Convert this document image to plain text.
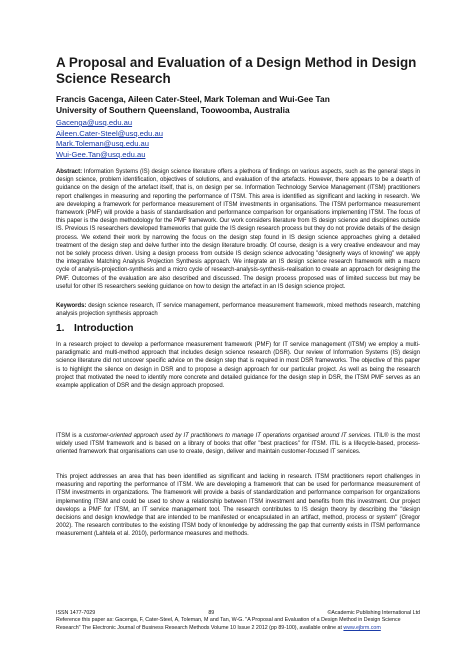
A Proposal and Evaluation of a Design Method in Design Science Research
Francis Gacenga, Aileen Cater-Steel, Mark Toleman and Wui-Gee Tan
University of Southern Queensland, Toowoomba, Australia
Gacenga@usq.edu.au
Aileen.Cater-Steel@usq.edu.au
Mark.Toleman@usq.edu.au
Wui-Gee.Tan@usq.edu.au

Abstract: Information Systems (IS) design science literature offers a plethora of findings on various aspects, such as the general steps in design science, problem identification, objectives of solutions, and evaluation of the artefacts. However, there appears to be a dearth of guidance on the design of the artefact itself, that is, on design per se. Information Technology Service Management (ITSM) practitioners report challenges in measuring and reporting the performance of ITSM. This area is identified as significant and lacking in research. We are developing a framework for performance measurement of ITSM investments in organisations. The ITSM performance measurement framework (PMF) will provide a basis of standardisation and performance comparison for organisations implementing ITSM. The focus of this paper is the design methodology for the PMF framework. Our work considers literature from IS design science and disciplines outside IS. Previous IS researchers developed frameworks that guide the IS design research process but they do not provide details of the design process. We extend their work by narrowing the focus on the design step found in IS design science approaches giving a detailed treatment of the design step and delve further into the design literature broadly. Of course, design is a very creative endeavour and may not be solely process driven. Using a design process from outside IS design science advocating "designerly ways of knowing" we apply the integrative Matching Analysis Projection Synthesis approach. We integrate an IS design science research framework with a macro cycle of analysis-projection-synthesis and a micro cycle of research-analysis-synthesis-realisation to create an approach for designing the PMF. Outcomes of the evaluation are also described and discussed. The design process proposed was of limited success but may be useful for other IS researchers seeking guidance on how to design the artefact in an IS design science project.

Keywords: design science research, IT service management, performance measurement framework, mixed methods research, matching analysis projection synthesis approach

1. Introduction

In a research project to develop a performance measurement framework (PMF) for IT service management (ITSM) we employ a multi-paradigmatic and multi-method approach that includes design science research (DSR). Our review of Information Systems (IS) design science literature did not uncover specific advice on the design step that is required in most DSR frameworks. The objective of this paper is to highlight the silence on design in DSR and to propose a design approach for our particular project. As well as being the research project that motivated the need to identify more concrete and detailed guidance for the design step in DSR, the ITSM PMF serves as an example application of DSR and the design approach proposed.

ITSM is a customer-oriented approach used by IT practitioners to manage IT operations organised around IT services. ITIL® is the most widely used ITSM framework and is based on a library of books that offer "best practices" for ITSM. ITIL is a lifecycle-based, process-oriented framework that organisations can use to create, design, deliver and maintain customer-focused IT services.

This project addresses an area that has been identified as significant and lacking in research. ITSM practitioners report challenges in measuring and reporting the performance of ITSM. We are developing a framework that can be used for performance measurement of ITSM investments in organizations. The framework will provide a basis of standardization and performance comparison for organizations implementing ITSM and could be used to show a relationship between ITSM investment and benefits from this investment. Our project develops a PMF for ITSM, an IT service management tool. The research contributes to IS design theory by describing the "design decisions and design knowledge that are intended to be manifested or encapsulated in an artifact, method, process or system" (Gregor 2002). The research contributes to the existing ITSM body of knowledge by addressing the gap that currently exists in ITSM performance measurement (Lahtela et al. 2010), performance measures and methods.

ISSN 1477-7029	89	©Academic Publishing International Ltd
Reference this paper as: Gacenga, F, Cater-Steel, A, Toleman, M and Tan, W-G. "A Proposal and Evaluation of a Design Method in Design Science Research" The Electronic Journal of Business Research Methods Volume 10 Issue 2 2012 (pp 89-100), available online at www.ejbrm.com
